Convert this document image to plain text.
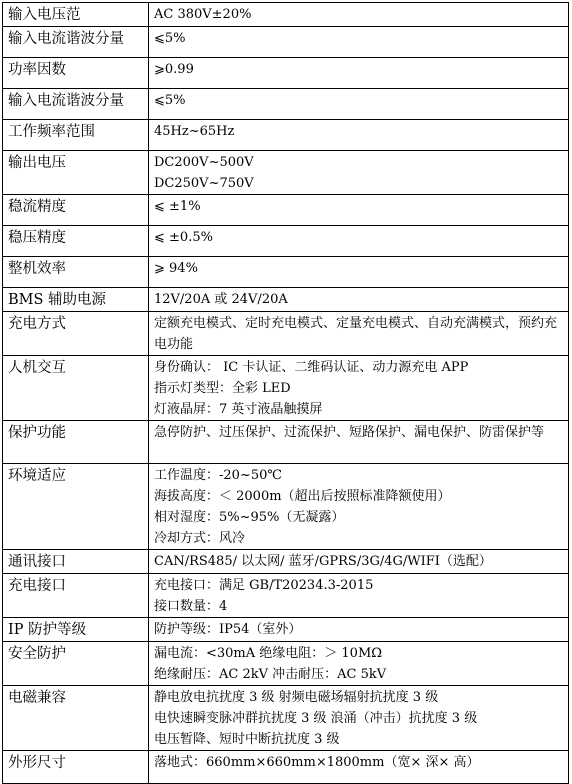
输入电压范	AC 380V±20%

输入电流谐波分量	⩽5%

功率因数	⩾0.99

输入电流谐波分量	⩽5%

工作频率范围	45Hz~65Hz

输出电压	DC200V~500V
DC250V~750V

稳流精度	⩽ ±1%

稳压精度	⩽ ±0.5%

整机效率	⩾ 94%

BMS 辅助电源	12V/20A 或 24V/20A

充电方式	定额充电模式、定时充电模式、定量充电模式、自动充满模式，预约充电功能

人机交互	身份确认： IC 卡认证、二维码认证、动力源充电 APP
指示灯类型：全彩 LED
灯液晶屏：7 英寸液晶触摸屏

保护功能	急停防护、过压保护、过流保护、短路保护、漏电保护、防雷保护等

环境适应	工作温度：-20~50℃
海拔高度：＜ 2000m（超出后按照标准降额使用）
相对湿度：5%~95%（无凝露）
冷却方式：风冷

通讯接口	CAN/RS485/ 以太网/ 蓝牙/GPRS/3G/4G/WIFI（选配）

充电接口	充电接口：满足 GB/T20234.3-2015
接口数量：4

IP 防护等级	防护等级：IP54（室外）

安全防护	漏电流：<30mA 绝缘电阻：＞ 10MΩ
绝缘耐压：AC 2kV 冲击耐压：AC 5kV

电磁兼容	静电放电抗扰度 3 级 射频电磁场辐射抗扰度 3 级
电快速瞬变脉冲群抗扰度 3 级 浪涌（冲击）抗扰度 3 级
电压暂降、短时中断抗扰度 3 级

外形尺寸	落地式：660mm×660mm×1800mm（宽× 深× 高）
